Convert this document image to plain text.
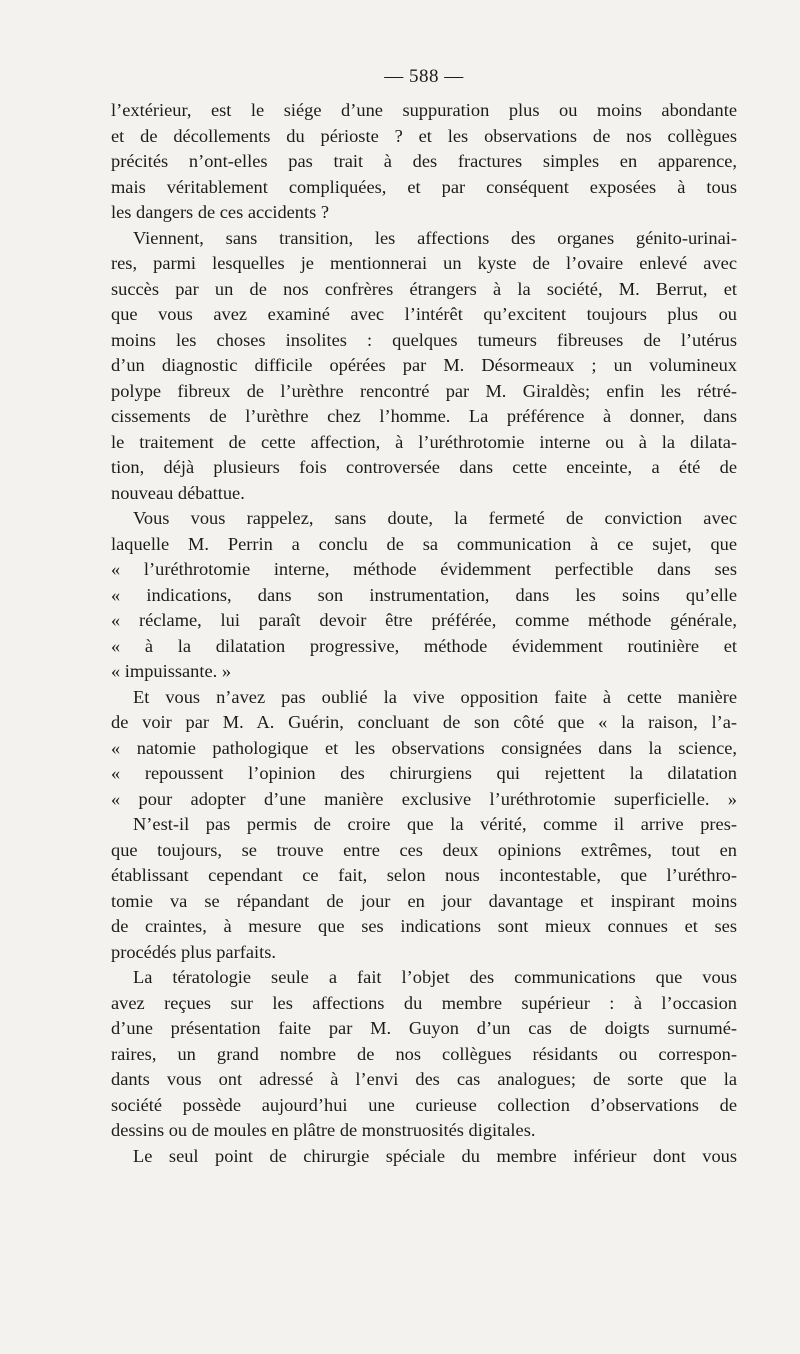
— 588 —
l’extérieur, est le siége d’une suppuration plus ou moins abondante
et de décollements du périoste ? et les observations de nos collègues
précités n’ont-elles pas trait à des fractures simples en apparence,
mais véritablement compliquées, et par conséquent exposées à tous
les dangers de ces accidents ?
Viennent, sans transition, les affections des organes génito-urinai-
res, parmi lesquelles je mentionnerai un kyste de l’ovaire enlevé avec
succès par un de nos confrères étrangers à la société, M. Berrut, et
que vous avez examiné avec l’intérêt qu’excitent toujours plus ou
moins les choses insolites : quelques tumeurs fibreuses de l’utérus
d’un diagnostic difficile opérées par M. Désormeaux ; un volumineux
polype fibreux de l’urèthre rencontré par M. Giraldès; enfin les rétré-
cissements de l’urèthre chez l’homme. La préférence à donner, dans
le traitement de cette affection, à l’uréthrotomie interne ou à la dilata-
tion, déjà plusieurs fois controversée dans cette enceinte, a été de
nouveau débattue.
Vous vous rappelez, sans doute, la fermeté de conviction avec
laquelle M. Perrin a conclu de sa communication à ce sujet, que
« l’uréthrotomie interne, méthode évidemment perfectible dans ses
« indications, dans son instrumentation, dans les soins qu’elle
« réclame, lui paraît devoir être préférée, comme méthode générale,
« à la dilatation progressive, méthode évidemment routinière et
« impuissante. »
Et vous n’avez pas oublié la vive opposition faite à cette manière
de voir par M. A. Guérin, concluant de son côté que « la raison, l’a-
« natomie pathologique et les observations consignées dans la science,
« repoussent l’opinion des chirurgiens qui rejettent la dilatation
« pour adopter d’une manière exclusive l’uréthrotomie superficielle. »
N’est-il pas permis de croire que la vérité, comme il arrive pres-
que toujours, se trouve entre ces deux opinions extrêmes, tout en
établissant cependant ce fait, selon nous incontestable, que l’uréthro-
tomie va se répandant de jour en jour davantage et inspirant moins
de craintes, à mesure que ses indications sont mieux connues et ses
procédés plus parfaits.
La tératologie seule a fait l’objet des communications que vous
avez reçues sur les affections du membre supérieur : à l’occasion
d’une présentation faite par M. Guyon d’un cas de doigts surnumé-
raires, un grand nombre de nos collègues résidants ou correspon-
dants vous ont adressé à l’envi des cas analogues; de sorte que la
société possède aujourd’hui une curieuse collection d’observations de
dessins ou de moules en plâtre de monstruosités digitales.
Le seul point de chirurgie spéciale du membre inférieur dont vous
